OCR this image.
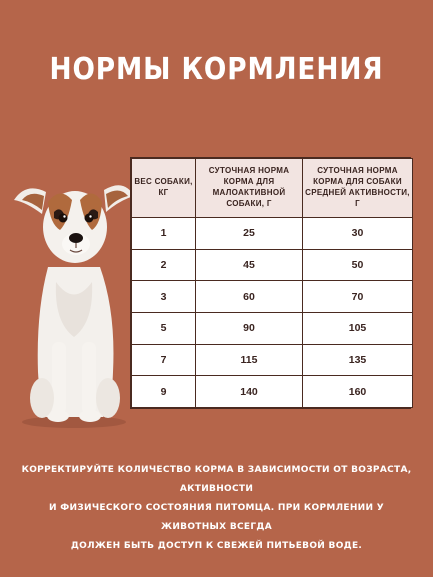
НОРМЫ КОРМЛЕНИЯ
ВЕС СОБАКИ, КГ	СУТОЧНАЯ НОРМА КОРМА ДЛЯ МАЛОАКТИВНОЙ СОБАКИ, Г	СУТОЧНАЯ НОРМА КОРМА ДЛЯ СОБАКИ СРЕДНЕЙ АКТИВНОСТИ, Г
1	25	30
2	45	50
3	60	70
5	90	105
7	115	135
9	140	160
КОРРЕКТИРУЙТЕ КОЛИЧЕСТВО КОРМА В ЗАВИСИМОСТИ ОТ ВОЗРАСТА, АКТИВНОСТИ
И ФИЗИЧЕСКОГО СОСТОЯНИЯ ПИТОМЦА. ПРИ КОРМЛЕНИИ У ЖИВОТНЫХ ВСЕГДА
ДОЛЖЕН БЫТЬ ДОСТУП К СВЕЖЕЙ ПИТЬЕВОЙ ВОДЕ.
